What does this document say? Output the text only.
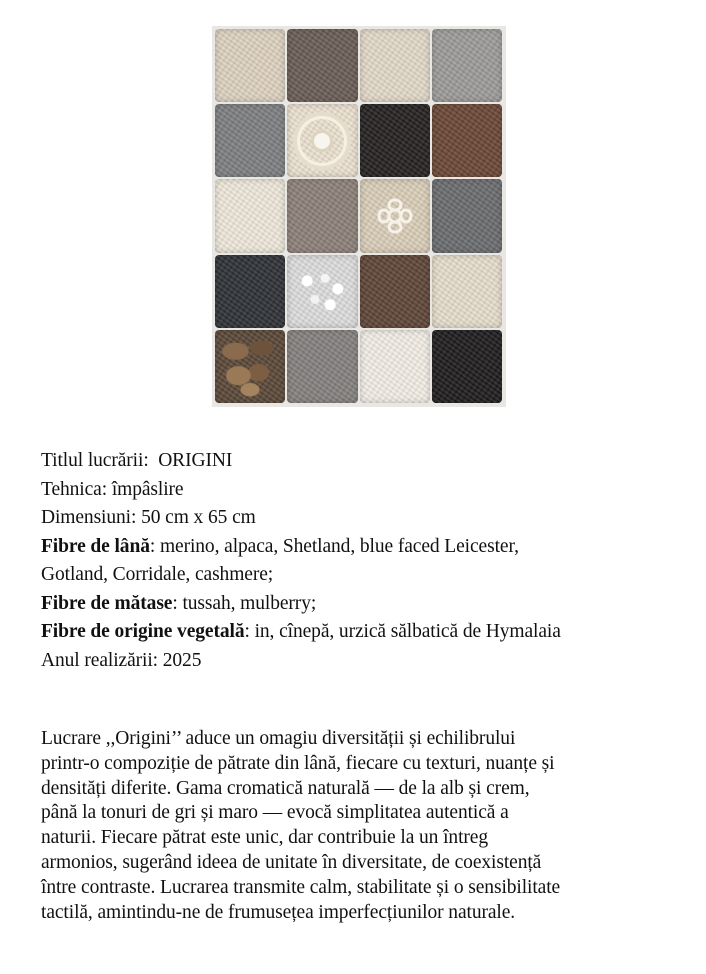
Titlul lucrării: ORIGINI
Tehnica: împâslire
Dimensiuni: 50 cm x 65 cm
Fibre de lână: merino, alpaca, Shetland, blue faced Leicester,
Gotland, Corridale, cashmere;
Fibre de mătase: tussah, mulberry;
Fibre de origine vegetală: in, cînepă, urzică sălbatică de Hymalaia
Anul realizării: 2025

Lucrare ,,Origini’’ aduce un omagiu diversității și echilibrului
printr-o compoziție de pătrate din lână, fiecare cu texturi, nuanțe și
densități diferite. Gama cromatică naturală — de la alb și crem,
până la tonuri de gri și maro — evocă simplitatea autentică a
naturii. Fiecare pătrat este unic, dar contribuie la un întreg
armonios, sugerând ideea de unitate în diversitate, de coexistență
între contraste. Lucrarea transmite calm, stabilitate și o sensibilitate
tactilă, amintindu-ne de frumusețea imperfecțiunilor naturale.
